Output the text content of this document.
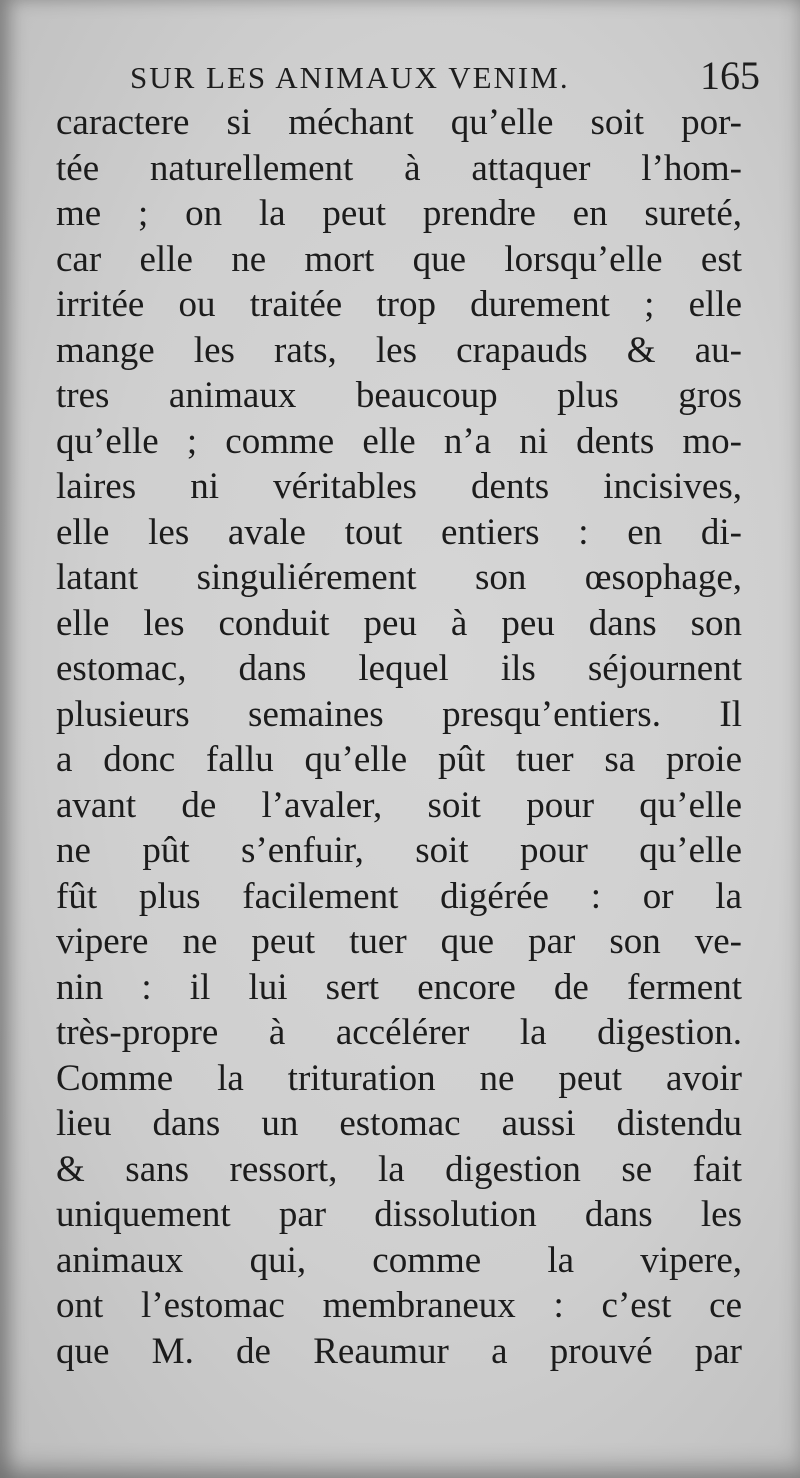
SUR LES ANIMAUX VENIM.	165
caractere si méchant qu’elle soit por-
tée naturellement à attaquer l’hom-
me ; on la peut prendre en sureté,
car elle ne mort que lorsqu’elle est
irritée ou traitée trop durement ; elle
mange les rats, les crapauds & au-
tres animaux beaucoup plus gros
qu’elle ; comme elle n’a ni dents mo-
laires ni véritables dents incisives,
elle les avale tout entiers : en di-
latant singuliérement son œsophage,
elle les conduit peu à peu dans son
estomac, dans lequel ils séjournent
plusieurs semaines presqu’entiers. Il
a donc fallu qu’elle pût tuer sa proie
avant de l’avaler, soit pour qu’elle
ne pût s’enfuir, soit pour qu’elle
fût plus facilement digérée : or la
vipere ne peut tuer que par son ve-
nin : il lui sert encore de ferment
très-propre à accélérer la digestion.
Comme la trituration ne peut avoir
lieu dans un estomac aussi distendu
& sans ressort, la digestion se fait
uniquement par dissolution dans les
animaux qui, comme la vipere,
ont l’estomac membraneux : c’est ce
que M. de Reaumur a prouvé par
